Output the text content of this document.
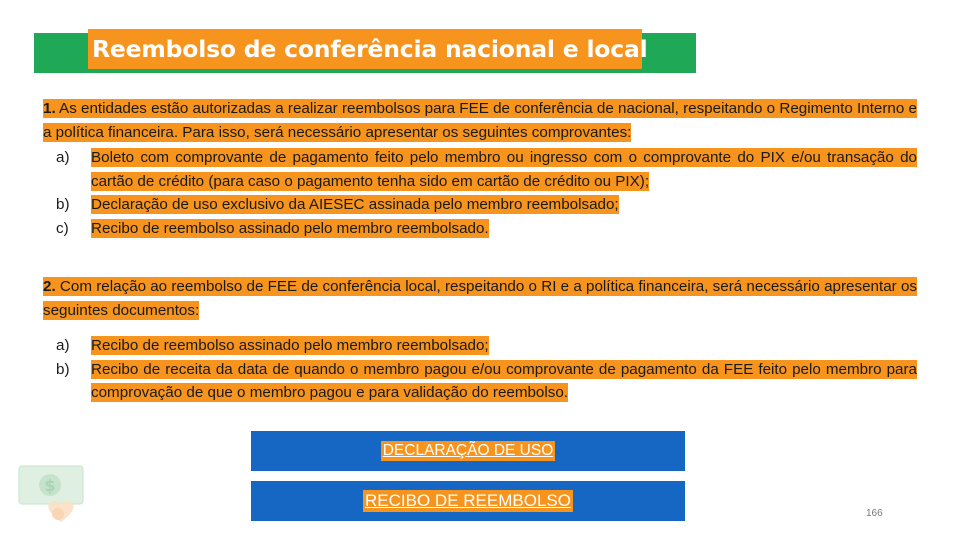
Reembolso de conferência nacional e local
1. As entidades estão autorizadas a realizar reembolsos para FEE de conferência de nacional, respeitando o Regimento Interno e a política financeira. Para isso, será necessário apresentar os seguintes comprovantes:
a) Boleto com comprovante de pagamento feito pelo membro ou ingresso com o comprovante do PIX e/ou transação do cartão de crédito (para caso o pagamento tenha sido em cartão de crédito ou PIX);
b) Declaração de uso exclusivo da AIESEC assinada pelo membro reembolsado;
c) Recibo de reembolso assinado pelo membro reembolsado.
2. Com relação ao reembolso de FEE de conferência local, respeitando o RI e a política financeira, será necessário apresentar os seguintes documentos:
a) Recibo de reembolso assinado pelo membro reembolsado;
b) Recibo de receita da data de quando o membro pagou e/ou comprovante de pagamento da FEE feito pelo membro para comprovação de que o membro pagou e para validação do reembolso.
DECLARAÇÃO DE USO
RECIBO DE REEMBOLSO
$
166
